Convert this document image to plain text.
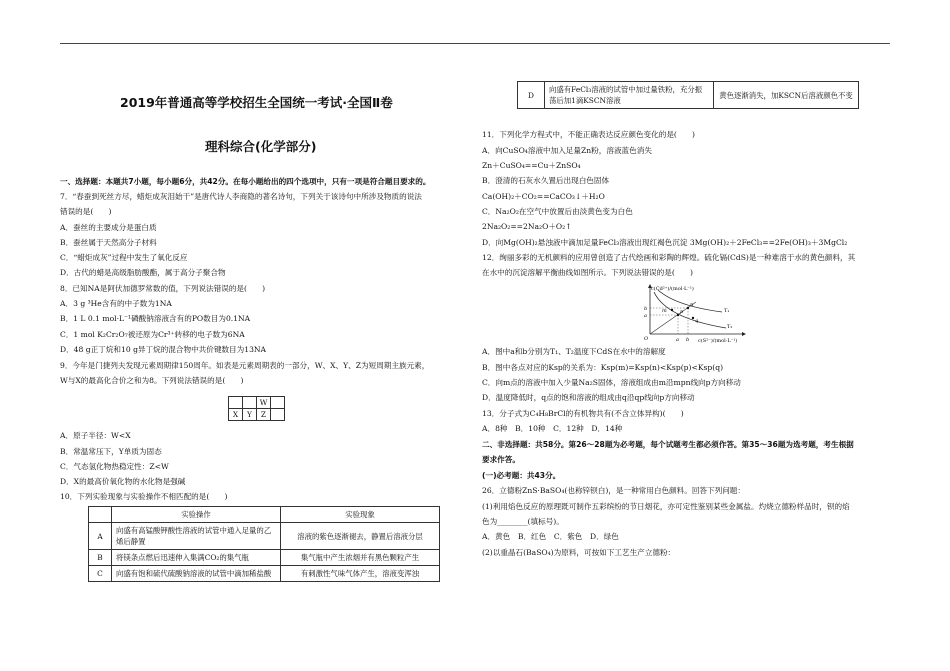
2019年普通高等学校招生全国统一考试·全国Ⅱ卷
理科综合(化学部分)
一、选择题：本题共7小题，每小题6分，共42分。在每小题给出的四个选项中，只有一项是符合题目要求的。
7．“春蚕到死丝方尽，蜡炬成灰泪始干”是唐代诗人李商隐的著名诗句，下列关于该诗句中所涉及物质的说法
错误的是(　　)
A．蚕丝的主要成分是蛋白质
B．蚕丝属于天然高分子材料
C．“蜡炬成灰”过程中发生了氧化反应
D．古代的蜡是高级脂肪酸酯，属于高分子聚合物
8．已知NA是阿伏加德罗常数的值，下列说法错误的是(　　)
A．3 g ³He含有的中子数为1NA
B．1 L 0.1 mol·L⁻¹磷酸钠溶液含有的PO数目为0.1NA
C．1 mol K₂Cr₂O₇被还原为Cr³⁺转移的电子数为6NA
D．48 g正丁烷和10 g异丁烷的混合物中共价键数目为13NA
9．今年是门捷列夫发现元素周期律150周年。如表是元素周期表的一部分，W、X、Y、Z为短周期主族元素，
W与X的最高化合价之和为8。下列说法错误的是(　　)
A．原子半径：W<X
B．常温常压下，Y单质为固态
C．气态氢化物热稳定性：Z<W
D．X的最高价氧化物的水化物是强碱
10．下列实验现象与实验操作不相匹配的是(　　)
11．下列化学方程式中，不能正确表达反应颜色变化的是(　　)
A．向CuSO₄溶液中加入足量Zn粉，溶液蓝色消失
Zn＋CuSO₄==Cu＋ZnSO₄
B．澄清的石灰水久置后出现白色固体
Ca(OH)₂＋CO₂==CaCO₃↓＋H₂O
C．Na₂O₂在空气中放置后由淡黄色变为白色
2Na₂O₂==2Na₂O＋O₂↑
D．向Mg(OH)₂悬浊液中滴加足量FeCl₃溶液出现红褐色沉淀 3Mg(OH)₂＋2FeCl₃==2Fe(OH)₃＋3MgCl₂
12．绚丽多彩的无机颜料的应用曾创造了古代绘画和彩陶的辉煌。硫化镉(CdS)是一种难溶于水的黄色颜料，其
在水中的沉淀溶解平衡曲线如图所示。下列说法错误的是(　　)
A．图中a和b分别为T₁、T₂温度下CdS在水中的溶解度
B．图中各点对应的Ksp的关系为：Ksp(m)=Ksp(n)<Ksp(p)<Ksp(q)
C．向m点的溶液中加入少量Na₂S固体，溶液组成由m沿mpn线向p方向移动
D．温度降低时，q点的饱和溶液的组成由q沿qp线向p方向移动
13．分子式为C₄H₈BrCl的有机物共有(不含立体异构)(　　)
A．8种　B．10种　C．12种　D．14种
二、非选择题：共58分。第26～28题为必考题，每个试题考生都必须作答。第35～36题为选考题，考生根据
要求作答。
(一)必考题：共43分。
26．立德粉ZnS·BaSO₄(也称锌钡白)，是一种常用白色颜料。回答下列问题：
(1)利用焰色反应的原理既可制作五彩缤纷的节日烟花，亦可定性鉴别某些金属盐。灼烧立德粉样品时，钡的焰
色为________(填标号)。
A．黄色　B．红色　C．紫色　D．绿色
(2)以重晶石(BaSO₄)为原料，可按如下工艺生产立德粉：
		W	
X	Y	Z	
	实验操作	实验现象
A	向盛有高锰酸钾酸性溶液的试管中通入足量的乙烯后静置	溶液的紫色逐渐褪去，静置后溶液分层
B	将镁条点燃后迅速伸入集满CO₂的集气瓶	集气瓶中产生浓烟并有黑色颗粒产生
C	向盛有饱和硫代硫酸钠溶液的试管中滴加稀盐酸	有刺激性气味气体产生，溶液变浑浊
D	向盛有FeCl₃溶液的试管中加过量铁粉，充分振荡后加1滴KSCN溶液	黄色逐渐消失，加KSCN后溶液颜色不变
c(Cd²⁺)/(mol·L⁻¹)
c(S²⁻)/(mol·L⁻¹)
b
a
m
n
p
q
T₁
T₂
O	a b
